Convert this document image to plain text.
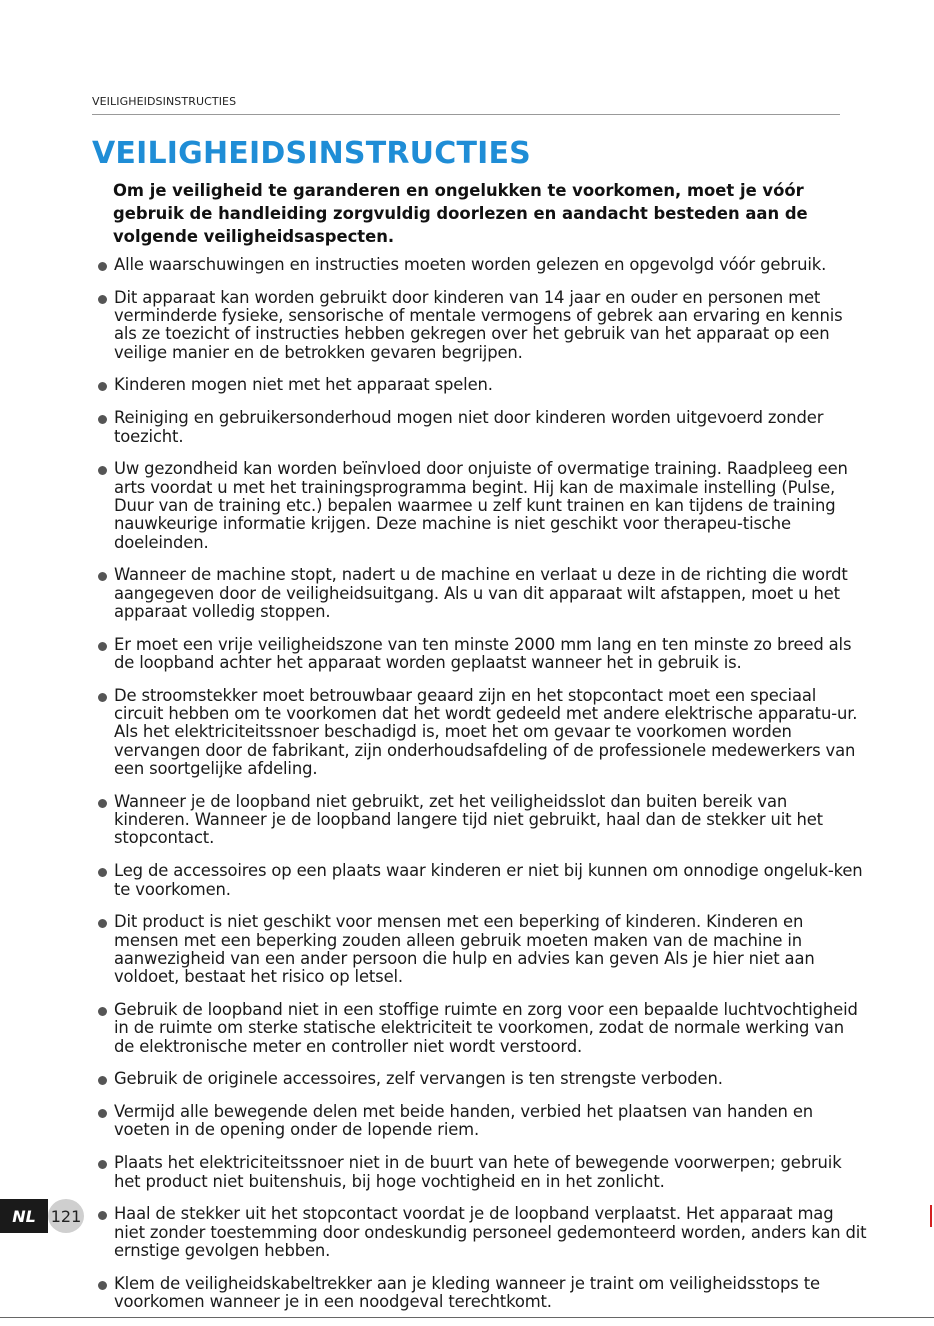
VEILIGHEIDSINSTRUCTIES
VEILIGHEIDSINSTRUCTIES

Om je veiligheid te garanderen en ongelukken te voorkomen, moet je vóór gebruik de handleiding zorgvuldig doorlezen en aandacht besteden aan de volgende veiligheidsaspecten.

Alle waarschuwingen en instructies moeten worden gelezen en opgevolgd vóór gebruik.
Dit apparaat kan worden gebruikt door kinderen van 14 jaar en ouder en personen met verminderde fysieke, sensorische of mentale vermogens of gebrek aan ervaring en kennis als ze toezicht of instructies hebben gekregen over het gebruik van het apparaat op een veilige manier en de betrokken gevaren begrijpen.
Kinderen mogen niet met het apparaat spelen.
Reiniging en gebruikersonderhoud mogen niet door kinderen worden uitgevoerd zonder toezicht.
Uw gezondheid kan worden beïnvloed door onjuiste of overmatige training. Raadpleeg een arts voordat u met het trainingsprogramma begint. Hij kan de maximale instelling (Pulse, Duur van de training etc.) bepalen waarmee u zelf kunt trainen en kan tijdens de training nauwkeurige informatie krijgen. Deze machine is niet geschikt voor therapeu-tische doeleinden.
Wanneer de machine stopt, nadert u de machine en verlaat u deze in de richting die wordt aangegeven door de veiligheidsuitgang. Als u van dit apparaat wilt afstappen, moet u het apparaat volledig stoppen.
Er moet een vrije veiligheidszone van ten minste 2000 mm lang en ten minste zo breed als de loopband achter het apparaat worden geplaatst wanneer het in gebruik is.
De stroomstekker moet betrouwbaar geaard zijn en het stopcontact moet een speciaal circuit hebben om te voorkomen dat het wordt gedeeld met andere elektrische apparatu-ur. Als het elektriciteitssnoer beschadigd is, moet het om gevaar te voorkomen worden vervangen door de fabrikant, zijn onderhoudsafdeling of de professionele medewerkers van een soortgelijke afdeling.
Wanneer je de loopband niet gebruikt, zet het veiligheidsslot dan buiten bereik van kinderen. Wanneer je de loopband langere tijd niet gebruikt, haal dan de stekker uit het stopcontact.
Leg de accessoires op een plaats waar kinderen er niet bij kunnen om onnodige ongeluk-ken te voorkomen.
Dit product is niet geschikt voor mensen met een beperking of kinderen. Kinderen en mensen met een beperking zouden alleen gebruik moeten maken van de machine in aanwezigheid van een ander persoon die hulp en advies kan geven Als je hier niet aan voldoet, bestaat het risico op letsel.
Gebruik de loopband niet in een stoffige ruimte en zorg voor een bepaalde luchtvochtigheid in de ruimte om sterke statische elektriciteit te voorkomen, zodat de normale werking van de elektronische meter en controller niet wordt verstoord.
Gebruik de originele accessoires, zelf vervangen is ten strengste verboden.
Vermijd alle bewegende delen met beide handen, verbied het plaatsen van handen en voeten in de opening onder de lopende riem.
Plaats het elektriciteitssnoer niet in de buurt van hete of bewegende voorwerpen; gebruik het product niet buitenshuis, bij hoge vochtigheid en in het zonlicht.
Haal de stekker uit het stopcontact voordat je de loopband verplaatst. Het apparaat mag niet zonder toestemming door ondeskundig personeel gedemonteerd worden, anders kan dit ernstige gevolgen hebben.
Klem de veiligheidskabeltrekker aan je kleding wanneer je traint om veiligheidsstops te voorkomen wanneer je in een noodgeval terechtkomt.
NL 121
